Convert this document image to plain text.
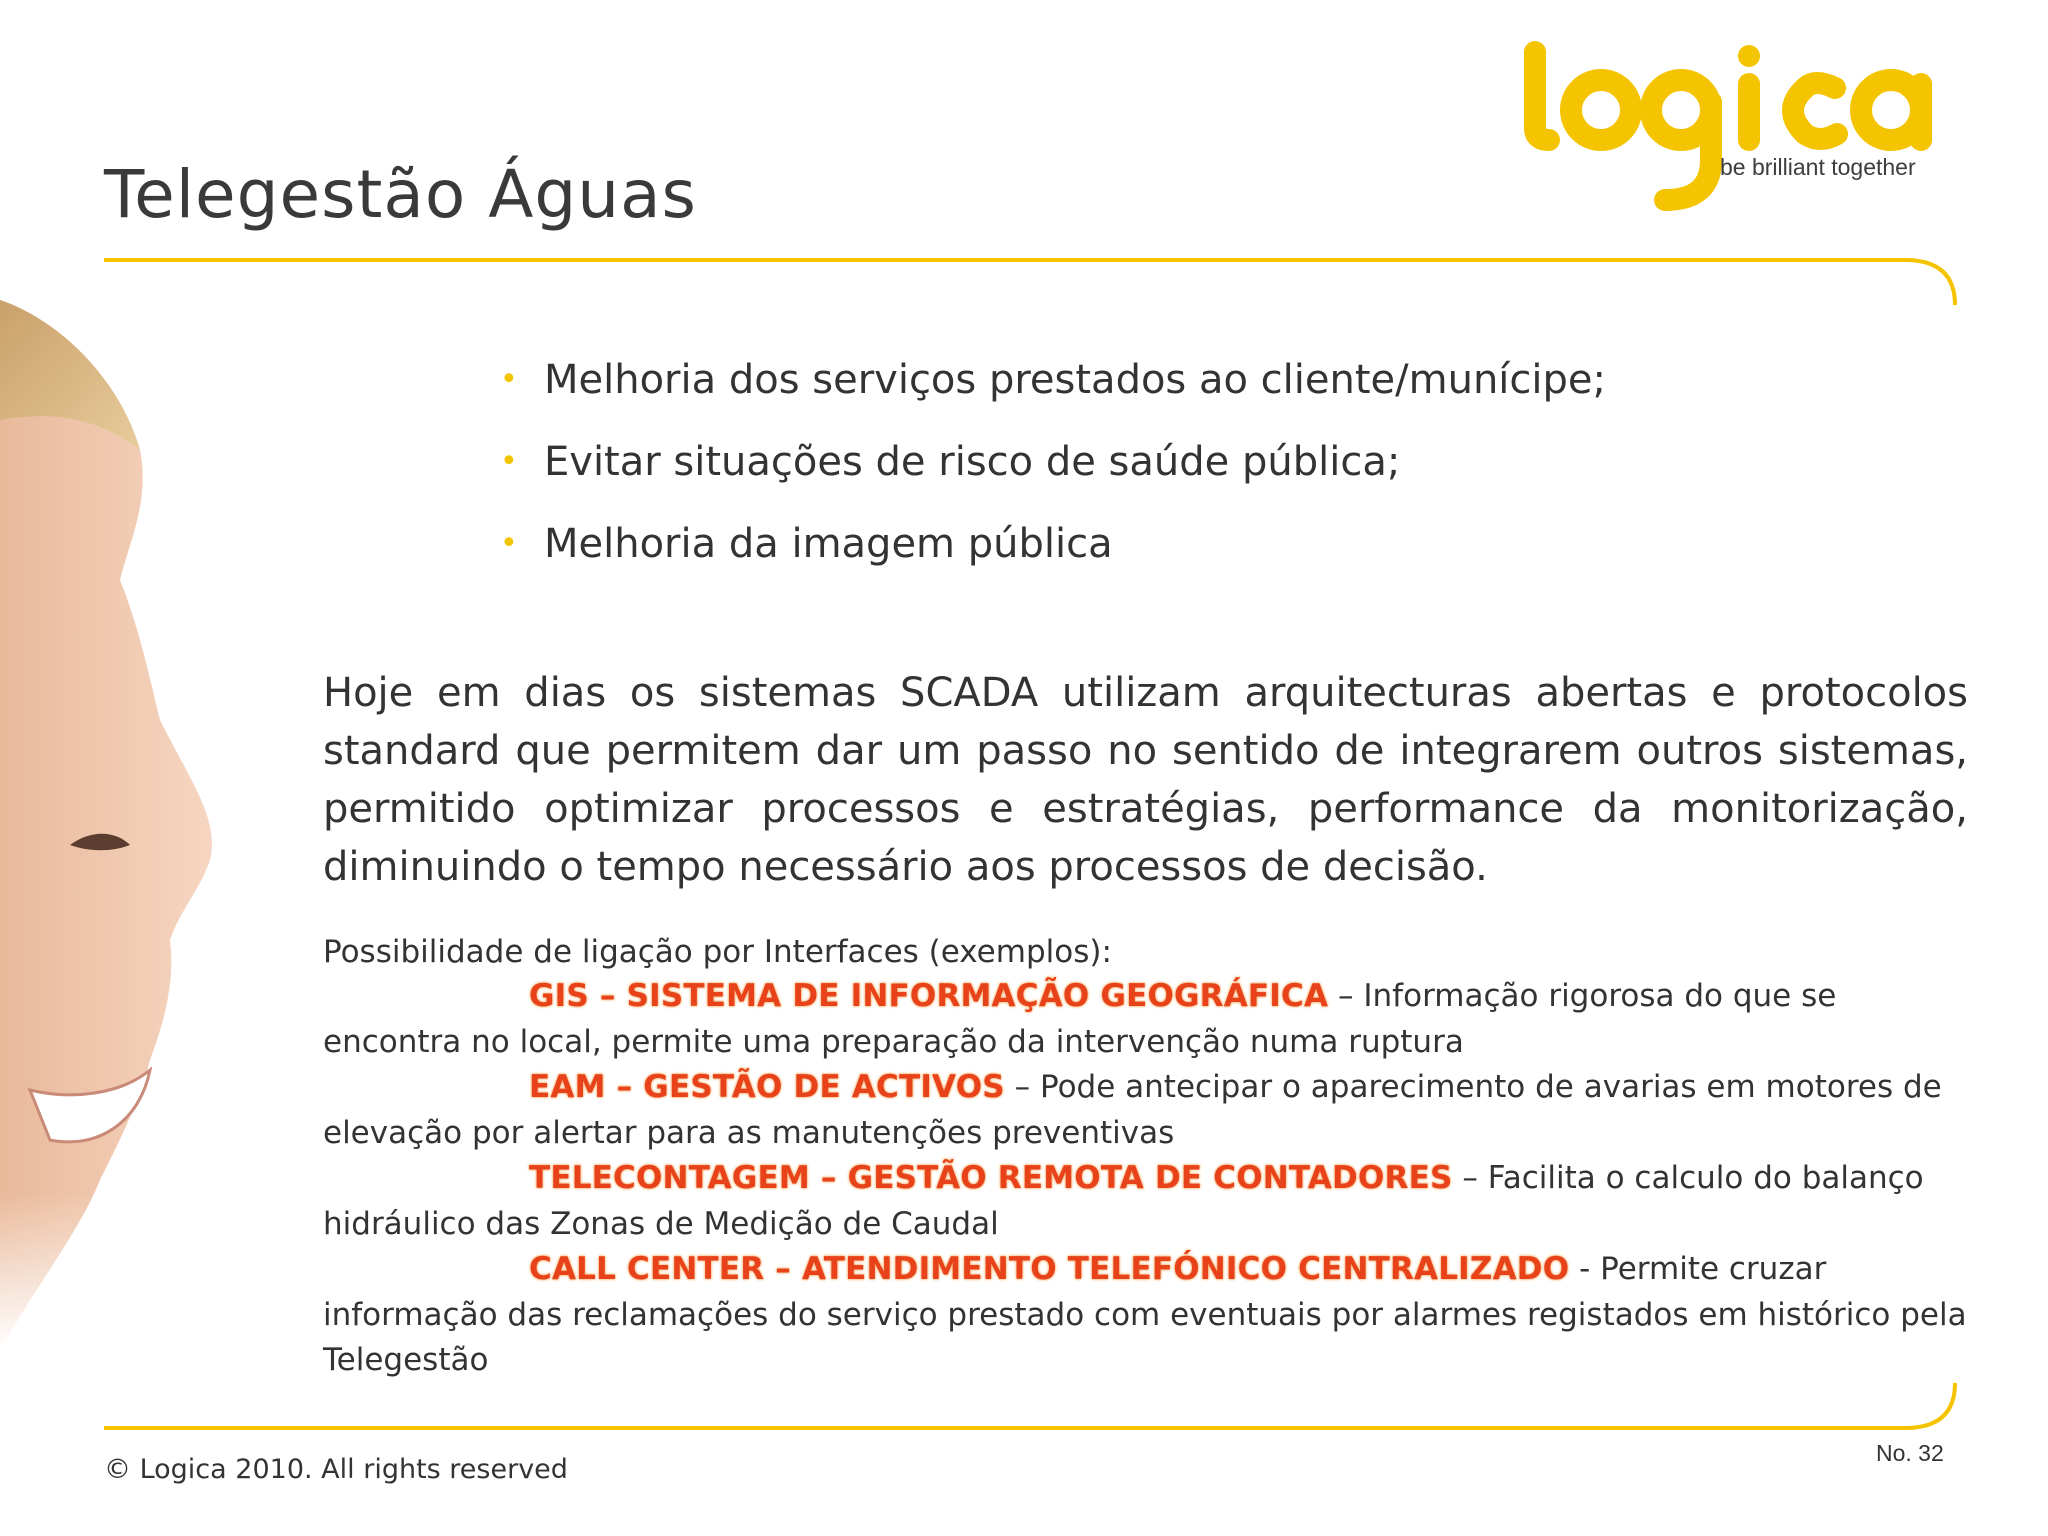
Telegestão Águas	be brilliant together
• Melhoria dos serviços prestados ao cliente/munícipe;
• Evitar situações de risco de saúde pública;
• Melhoria da imagem pública
Hoje em dias os sistemas SCADA utilizam arquitecturas abertas e protocolos standard que permitem dar um passo no sentido de integrarem outros sistemas, permitido optimizar processos e estratégias, performance da monitorização, diminuindo o tempo necessário aos processos de decisão.
Possibilidade de ligação por Interfaces (exemplos):

GIS – SISTEMA DE INFORMAÇÃO GEOGRÁFICA – Informação rigorosa do que se encontra no local, permite uma preparação da intervenção numa ruptura

EAM – GESTÃO DE ACTIVOS – Pode antecipar o aparecimento de avarias em motores de elevação por alertar para as manutenções preventivas

TELECONTAGEM – GESTÃO REMOTA DE CONTADORES – Facilita o calculo do balanço hidráulico das Zonas de Medição de Caudal

CALL CENTER – ATENDIMENTO TELEFÓNICO CENTRALIZADO - Permite cruzar informação das reclamações do serviço prestado com eventuais por alarmes registados em histórico pela Telegestão

© Logica 2010. All rights reserved
No. 32
